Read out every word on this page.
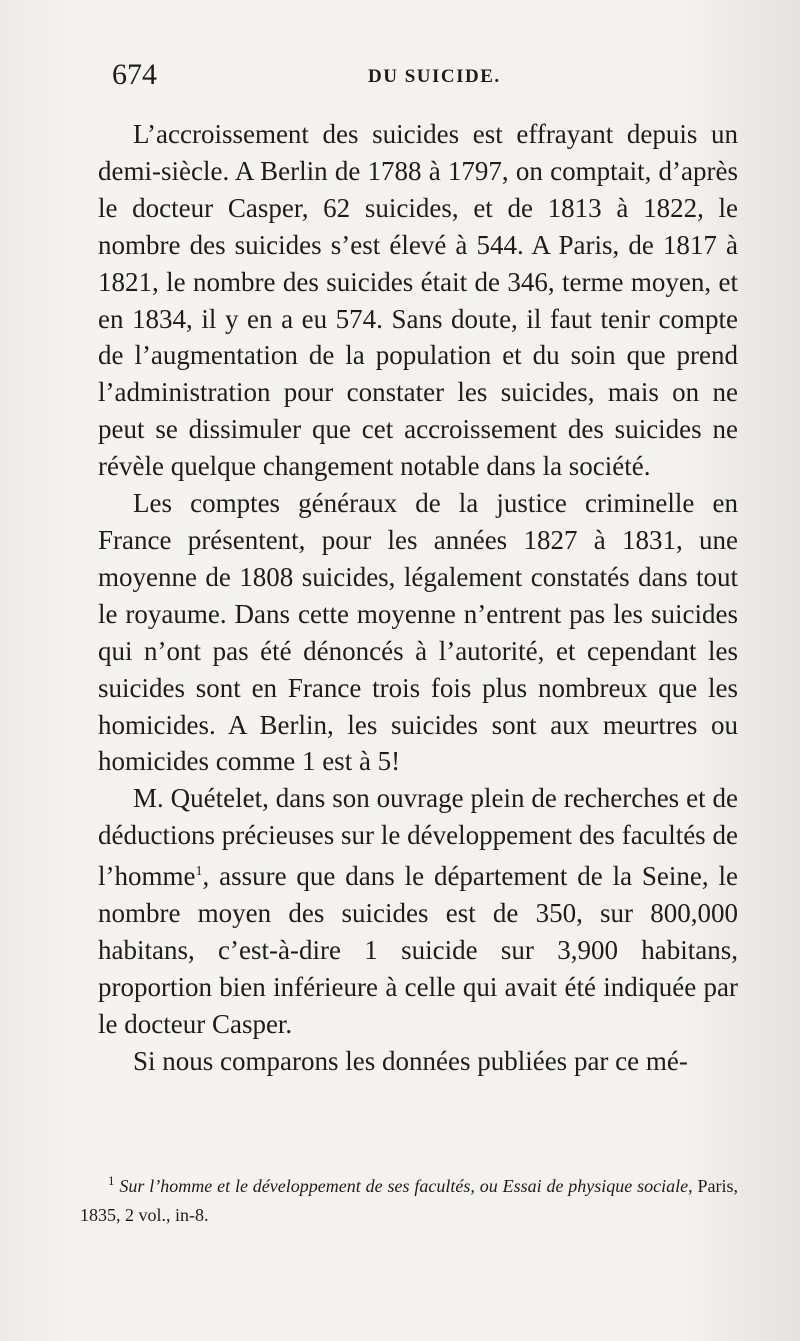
674	DU SUICIDE.

L’accroissement des suicides est effrayant depuis un demi-siècle. A Berlin de 1788 à 1797, on comptait, d’après le docteur Casper, 62 suicides, et de 1813 à 1822, le nombre des suicides s’est élevé à 544. A Paris, de 1817 à 1821, le nombre des suicides était de 346, terme moyen, et en 1834, il y en a eu 574. Sans doute, il faut tenir compte de l’augmentation de la population et du soin que prend l’administration pour constater les suicides, mais on ne peut se dissimuler que cet accroissement des suicides ne révèle quelque changement notable dans la société.

Les comptes généraux de la justice criminelle en France présentent, pour les années 1827 à 1831, une moyenne de 1808 suicides, légalement constatés dans tout le royaume. Dans cette moyenne n’entrent pas les suicides qui n’ont pas été dénoncés à l’autorité, et cependant les suicides sont en France trois fois plus nombreux que les homicides. A Berlin, les suicides sont aux meurtres ou homicides comme 1 est à 5!

M. Quételet, dans son ouvrage plein de recherches et de déductions précieuses sur le développement des facultés de l’homme$^1$, assure que dans le département de la Seine, le nombre moyen des suicides est de 350, sur 800,000 habitans, c’est-à-dire 1 suicide sur 3,900 habitans, proportion bien inférieure à celle qui avait été indiquée par le docteur Casper.

Si nous comparons les données publiées par ce mé-

$^1$ Sur l’homme et le développement de ses facultés, ou Essai de physique sociale, Paris, 1835, 2 vol., in-8.
